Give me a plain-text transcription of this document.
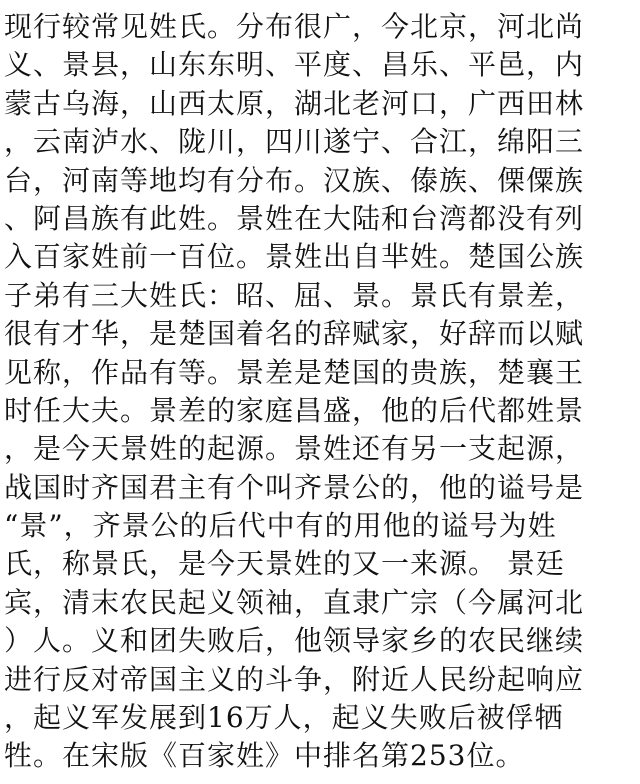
现行较常见姓氏。分布很广，今北京，河北尚
义、景县，山东东明、平度、昌乐、平邑，内
蒙古乌海，山西太原，湖北老河口，广西田林
，云南泸水、陇川，四川遂宁、合江，绵阳三
台，河南等地均有分布。汉族、傣族、傈僳族
、阿昌族有此姓。景姓在大陆和台湾都没有列
入百家姓前一百位。景姓出自芈姓。楚国公族
子弟有三大姓氏：昭、屈、景。景氏有景差，
很有才华，是楚国着名的辞赋家，好辞而以赋
见称，作品有等。景差是楚国的贵族，楚襄王
时任大夫。景差的家庭昌盛，他的后代都姓景
，是今天景姓的起源。景姓还有另一支起源，
战国时齐国君主有个叫齐景公的，他的谥号是
“景”，齐景公的后代中有的用他的谥号为姓
氏，称景氏，是今天景姓的又一来源。 景廷
宾，清末农民起义领袖，直隶广宗（今属河北
）人。义和团失败后，他领导家乡的农民继续
进行反对帝国主义的斗争，附近人民纷起响应
，起义军发展到16万人，起义失败后被俘牺
牲。在宋版《百家姓》中排名第253位。
